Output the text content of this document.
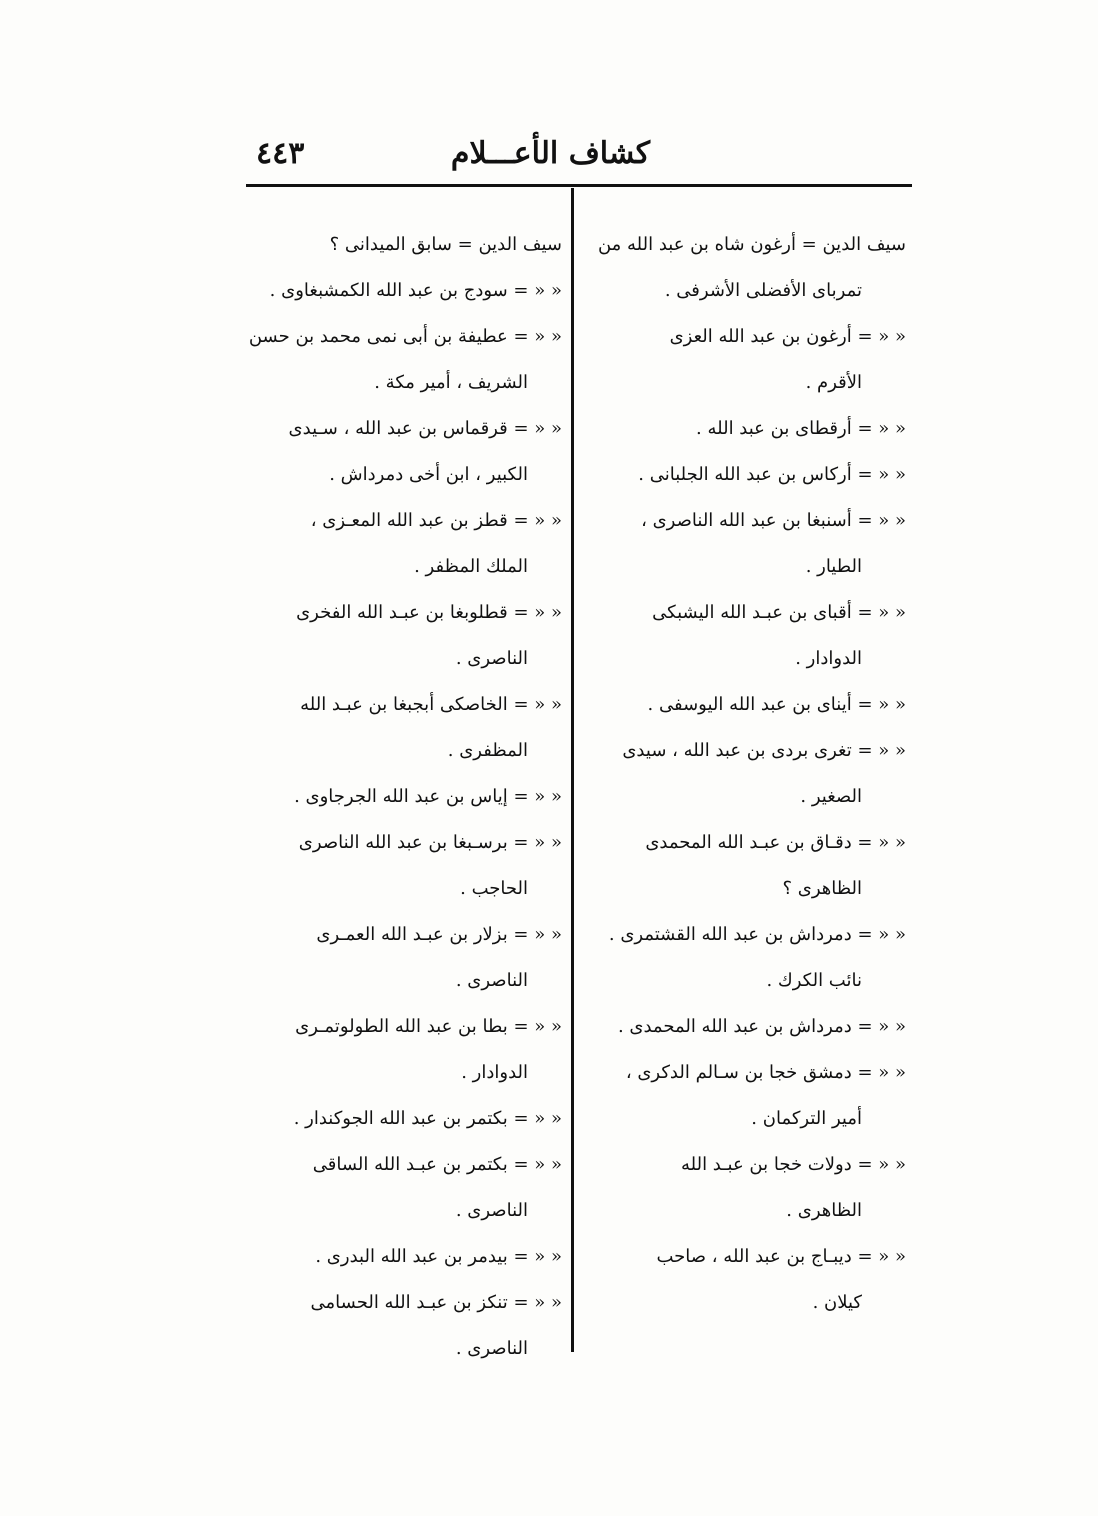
كشاف الأعـــلام
٤٤٣
سيف الدين = أرغون شاه بن عبد الله من
تمرباى الأفضلى الأشرفى .
« « = أرغون بن عبد الله العزى
الأقرم .
« « = أرقطاى بن عبد الله .
« « = أركاس بن عبد الله الجلبانى .
« « = أسنبغا بن عبد الله الناصرى ،
الطيار .
« « = أقباى بن عبـد الله اليشبكى
الدوادار .
« « = أيناى بن عبد الله اليوسفى .
« « = تغرى بردى بن عبد الله ، سيدى
الصغير .
« « = دقـاق بن عبـد الله المحمدى
الظاهرى ؟
« « = دمرداش بن عبد الله القشتمرى .
نائب الكرك .
« « = دمرداش بن عبد الله المحمدى .
« « = دمشق خجا بن سـالم الدكرى ،
أمير التركمان .
« « = دولات خجا بن عبـد الله
الظاهرى .
« « = ديبـاج بن عبد الله ، صاحب
كيلان .
سيف الدين = سابق الميدانى ؟
« « = سودج بن عبد الله الكمشبغاوى .
« « = عطيفة بن أبى نمى محمد بن حسن
الشريف ، أمير مكة .
« « = قرقماس بن عبد الله ، سـيدى
الكبير ، ابن أخى دمرداش .
« « = قطز بن عبد الله المعـزى ،
الملك المظفر .
« « = قطلوبغا بن عبـد الله الفخرى
الناصرى .
« « = الخاصكى أبجبغا بن عبـد الله
المظفرى .
« « = إياس بن عبد الله الجرجاوى .
« « = برسـبغا بن عبد الله الناصرى
الحاجب .
« « = بزلار بن عبـد الله العمـرى
الناصرى .
« « = بطا بن عبد الله الطولوتمـرى
الدوادار .
« « = بكتمر بن عبد الله الجوكندار .
« « = بكتمر بن عبـد الله الساقى
الناصرى .
« « = بيدمر بن عبد الله البدرى .
« « = تنكز بن عبـد الله الحسامى
الناصرى .
